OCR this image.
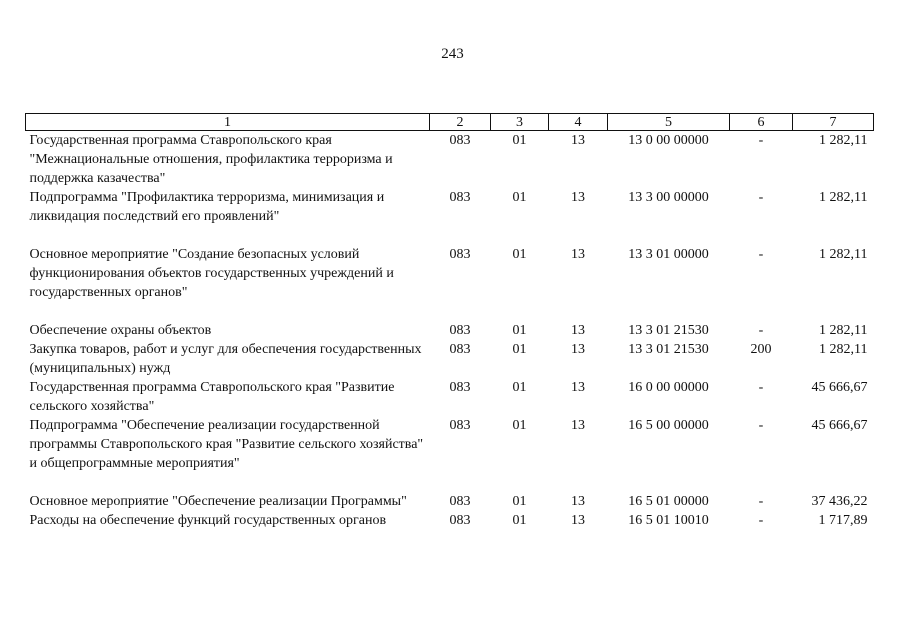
243
1	2	3	4	5	6	7
Государственная программа Ставропольского края "Межнациональные отношения, профилактика терроризма и поддержка казачества"	083	01	13	13 0 00 00000	-	1 282,11
Подпрограмма "Профилактика терроризма, минимизация и ликвидация последствий его проявлений"	083	01	13	13 3 00 00000	-	1 282,11
Основное мероприятие "Создание безопасных условий функционирования объектов государственных учреждений и государственных органов"	083	01	13	13 3 01 00000	-	1 282,11
Обеспечение охраны объектов	083	01	13	13 3 01 21530	-	1 282,11
Закупка товаров, работ и услуг для обеспечения государственных (муниципальных) нужд	083	01	13	13 3 01 21530	200	1 282,11
Государственная программа Ставропольского края "Развитие сельского хозяйства"	083	01	13	16 0 00 00000	-	45 666,67
Подпрограмма "Обеспечение реализации государственной программы Ставропольского края "Развитие сельского хозяйства" и общепрограммные мероприятия"	083	01	13	16 5 00 00000	-	45 666,67
Основное мероприятие "Обеспечение реализации Программы"	083	01	13	16 5 01 00000	-	37 436,22
Расходы на обеспечение функций государственных органов	083	01	13	16 5 01 10010	-	1 717,89
